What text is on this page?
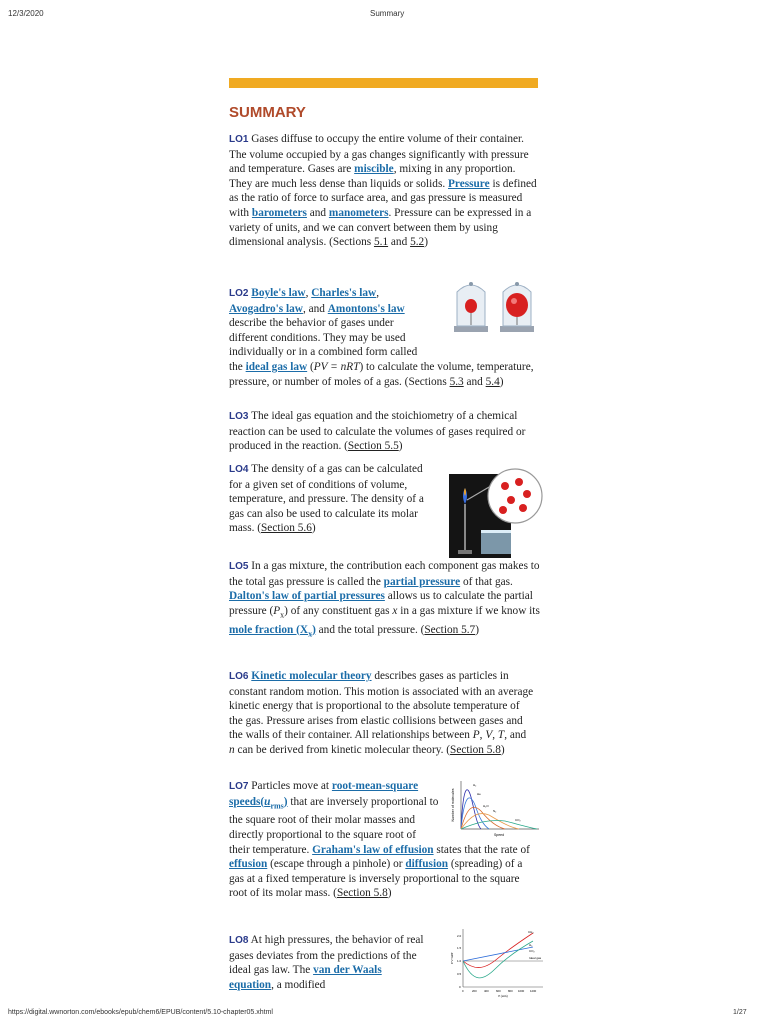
12/3/2020	Summary
SUMMARY
LO1 Gases diffuse to occupy the entire volume of their container. The volume occupied by a gas changes significantly with pressure and temperature. Gases are miscible, mixing in any proportion. They are much less dense than liquids or solids. Pressure is defined as the ratio of force to surface area, and gas pressure is measured with barometers and manometers. Pressure can be expressed in a variety of units, and we can convert between them by using dimensional analysis. (Sections 5.1 and 5.2)
LO2 Boyle's law, Charles's law, Avogadro's law, and Amontons's law describe the behavior of gases under different conditions. They may be used individually or in a combined form called the ideal gas law (PV = nRT) to calculate the volume, temperature, pressure, or number of moles of a gas. (Sections 5.3 and 5.4)
LO3 The ideal gas equation and the stoichiometry of a chemical reaction can be used to calculate the volumes of gases required or produced in the reaction. (Section 5.5)
LO4 The density of a gas can be calculated for a given set of conditions of volume, temperature, and pressure. The density of a gas can also be used to calculate its molar mass. (Section 5.6)
LO5 In a gas mixture, the contribution each component gas makes to the total gas pressure is called the partial pressure of that gas. Dalton's law of partial pressures allows us to calculate the partial pressure $(P_x)$ of any constituent gas x in a gas mixture if we know its mole fraction $(X_x)$ and the total pressure. (Section 5.7)
LO6 Kinetic molecular theory describes gases as particles in constant random motion. This motion is associated with an average kinetic energy that is proportional to the absolute temperature of the gas. Pressure arises from elastic collisions between gases and the walls of their container. All relationships between P, V, T, and n can be derived from kinetic molecular theory. (Section 5.8)
Number of molecules
Speed
H₂
He
H₂O
N₂
CO₂
LO7 Particles move at root-mean-square $speeds(u_{rms})$ that are inversely proportional to the square root of their molar masses and directly proportional to the square root of their temperature. Graham's law of effusion states that the rate of effusion (escape through a pinhole) or diffusion (spreading) of a gas at a fixed temperature is inversely proportional to the square root of its molar mass. (Section 5.8)
PV/nRT
2.0
1.5
1.0
0.5
0
0	200	400	600	800 1000 1200
P (atm)
CH₄
H₂
CO₂
Ideal gas
LO8 At high pressures, the behavior of real gases deviates from the predictions of the ideal gas law. The van der Waals equation, a modified
https://digital.wwnorton.com/ebooks/epub/chem6/EPUB/content/5.10-chapter05.xhtml	1/27
